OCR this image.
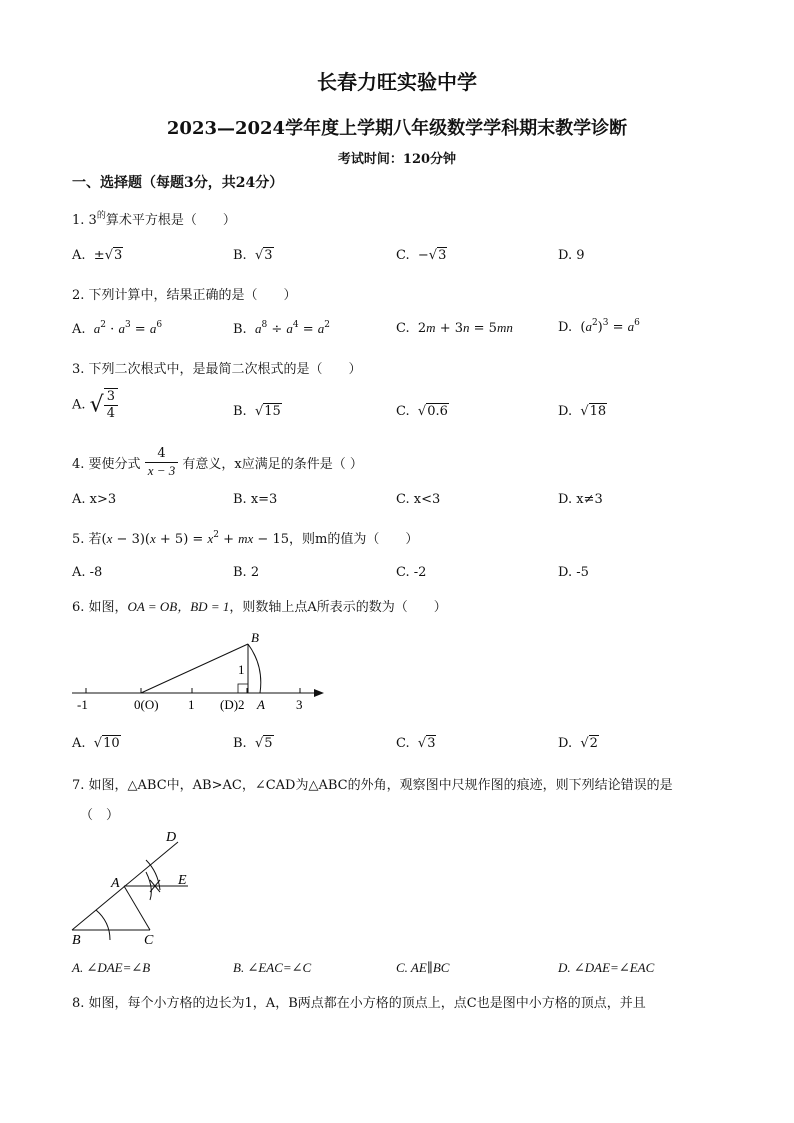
长春力旺实验中学
2023—2024学年度上学期八年级数学学科期末教学诊断
考试时间：120分钟
一、选择题（每题3分，共24分）
1. $3^的$算术平方根是（　　）
A. ±√3	B. √3	C. −√3	D. 9
2. 下列计算中，结果正确的是（　　）
A. $a^2 \cdot a^3 = a^6$	B. $a^8 \div a^4 = a^2$	C.  2m + 3n = 5mn	D.  $(a^2)^3 = a^6$
3. 下列二次根式中，是最简二次根式的是（　　）
A. √ $\frac{3}{4}$	B. √15	C. √0.6	D. √18
4. 要使分式 $\frac{4}{x - 3}$ 有意义，x应满足的条件是（ ）
A. x>3	B. x=3	C. x<3	D. x≠3
5. 若$(x - 3)(x + 5) = x^2$ + mx − 15，则m的值为（　　）
A. -8	B. 2	C. -2	D. -5
6. 如图，OA = OB，BD = 1，则数轴上点A所表示的数为（　　）
B
1
-1	0(O) 1 (D)2 A 3
A. √10	B. √5	C. √3	D. √2
7. 如图，△ABC中，AB>AC，∠CAD为△ABC的外角，观察图中尺规作图的痕迹，则下列结论错误的是
（　）
D
A	E
B	C
A. ∠DAE=∠B	B. ∠EAC=∠C	C. AE∥BC	D. ∠DAE=∠EAC
8. 如图，每个小方格的边长为1，A，B两点都在小方格的顶点上，点C也是图中小方格的顶点，并且
